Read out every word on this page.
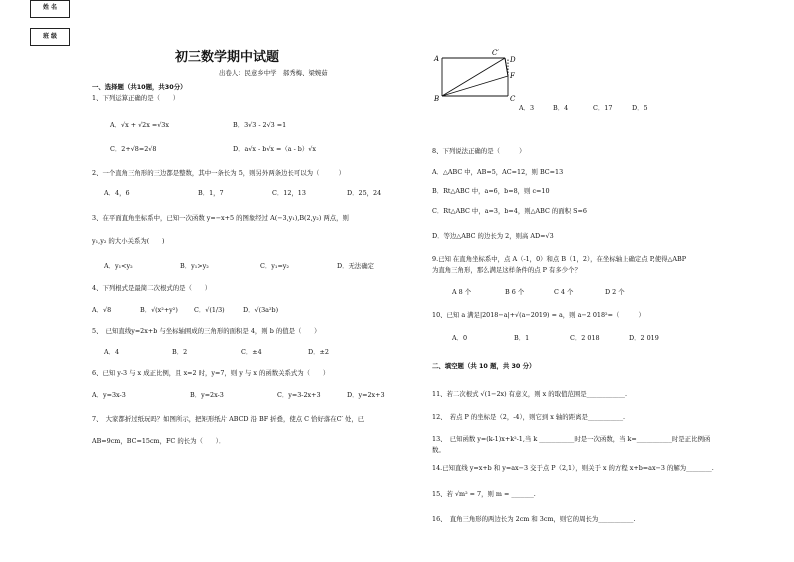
姓 名
班 级
初三数学期中试题
出卷人：民意乡中学　郝秀梅、梁婉茹
一、选择题（共10题，共30分）
1、下列运算正确的是（　　）
A．√x + √2x =√3x	B．3√3 - 2√3 =1
C．2+√8=2√8	D．a√x - b√x =（a - b）√x
2、一个直角三角形的三边都是整数，其中一条长为 5，则另外两条边长可以为（　　　）
A．4，6	B．1，7	C．12，13	D．25，24
3、在平面直角坐标系中，已知一次函数 y=−x+5 的图象经过 A(−3,y₁),B(2,y₂) 两点，则
y₁,y₂ 的大小关系为(　　)
A．y₁<y₂	B．y₁>y₂	C．y₁=y₂	D．无法确定
4、下列根式是最简二次根式的是（　　）
A．√8	B．√(x²+y²)	C．√(1/3)	D．√(3a²b)
5、　已知直线y=2x+b 与坐标轴围成的三角形的面积是 4，则 b 的值是（　　）
A．4	B．2	C．±4	D．±2
6、已知 y-3 与 x 成正比例，且 x=2 时，y=7，则 y 与 x 的函数关系式为（　　）
A．y=3x-3	B．y=2x-3	C．y=3-2x+3	D．y=2x+3
7、　大家都折过纸玩吗？如图所示，把矩形纸片 ABCD 沿 BF 折叠，使点 C 恰好落在C′ 处，已
AB=9cm，BC=15cm，FC 的长为（　　）．
A
B	C
D
C′
F
A．3	B．4	C．17	D．5
8、下列说法正确的是（　　　）
A．△ABC 中，AB=5，AC=12，则 BC=13
B．Rt△ABC 中，a=6，b=8，则 c=10
C．Rt△ABC 中，a=3，b=4，则△ABC 的面积 S=6
D．等边△ABC 的边长为 2，则高 AD=√3
9.已知 在直角坐标系中，点 A（-1，0）和点 B（1，2），在坐标轴上确定点 P,使得△ABP
为直角三角形，那么满足这样条件的点 P 有多少个？
A 8 个	B 6 个	C 4 个	D 2 个
10、已知 a 满足|2018−a|+√(a−2019) = a，则 a−2 018²=（　　　）
A．0	B．1	C．2 018	D．2 019
二、填空题（共 10 题，共 30 分）
11、若二次根式 √(1−2x) 有意义，则 x 的取值范围是____________.
12、　若点 P 的坐标是（2，-4），则它到 x 轴的距离是___________.
13、　已知函数 y=(k-1)x+k²-1,当 k ___________时是一次函数，当 k=___________时是正比例函
数。
14.已知直线 y=x+b 和 y=ax−3 交于点 P（2,1），则关于 x 的方程 x+b=ax−3 的解为________.
15、若 √m² = 7，则 m = _______.
16、　直角三角形的两边长为 2cm 和 3cm，则它的周长为___________.
